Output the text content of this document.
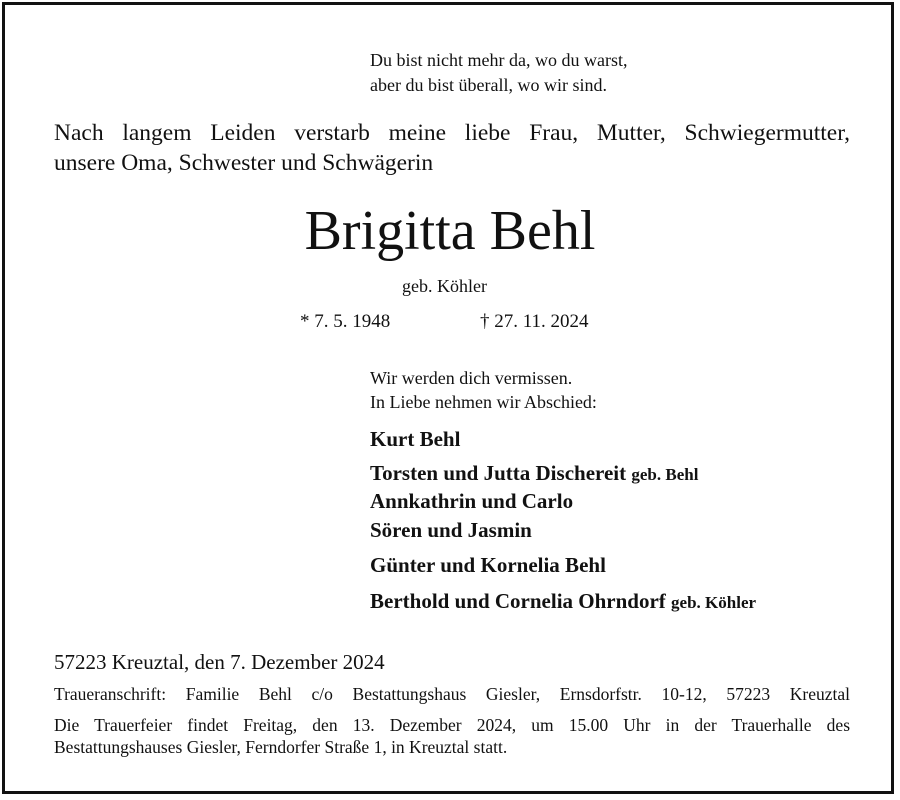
Du bist nicht mehr da, wo du warst,
aber du bist überall, wo wir sind.
Nach langem Leiden verstarb meine liebe Frau, Mutter, Schwiegermutter,
unsere Oma, Schwester und Schwägerin
Brigitta Behl
geb. Köhler
* 7. 5. 1948	† 27. 11. 2024
Wir werden dich vermissen.
In Liebe nehmen wir Abschied:
Kurt Behl
Torsten und Jutta Dischereit geb. Behl
Annkathrin und Carlo
Sören und Jasmin
Günter und Kornelia Behl
Berthold und Cornelia Ohrndorf geb. Köhler
57223 Kreuztal, den 7. Dezember 2024
Traueranschrift: Familie Behl c/o Bestattungshaus Giesler, Ernsdorfstr. 10-12, 57223 Kreuztal
Die Trauerfeier findet Freitag, den 13. Dezember 2024, um 15.00 Uhr in der Trauerhalle des
Bestattungshauses Giesler, Ferndorfer Straße 1, in Kreuztal statt.
